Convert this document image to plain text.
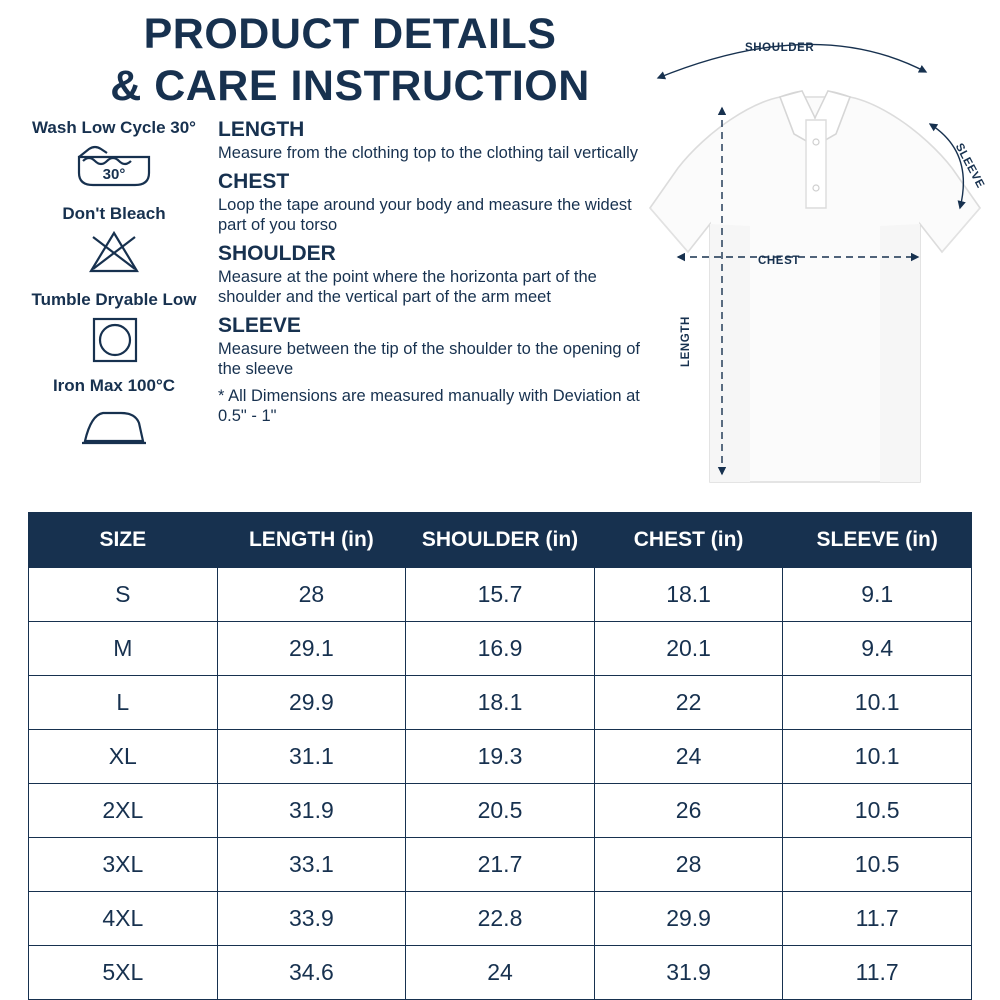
PRODUCT DETAILS
& CARE INSTRUCTION
Wash Low Cycle 30°
30°
Don't Bleach
Tumble Dryable Low
Iron Max 100°C
LENGTH
Measure from the clothing top to the clothing tail vertically
CHEST
Loop the tape around your body and measure the widest part of you torso
SHOULDER
Measure at the point where the horizonta part of the shoulder and the vertical part of the arm meet
SLEEVE
Measure between the tip of the shoulder to the opening of the sleeve
* All Dimensions are measured manually with Deviation at 0.5" - 1"
SHOULDER
SLEEVE
CHEST
LENGTH
SIZE	LENGTH (in)	SHOULDER (in)	CHEST (in)	SLEEVE (in)
S	28	15.7	18.1	9.1
M	29.1	16.9	20.1	9.4
L	29.9	18.1	22	10.1
XL	31.1	19.3	24	10.1
2XL	31.9	20.5	26	10.5
3XL	33.1	21.7	28	10.5
4XL	33.9	22.8	29.9	11.7
5XL	34.6	24	31.9	11.7
